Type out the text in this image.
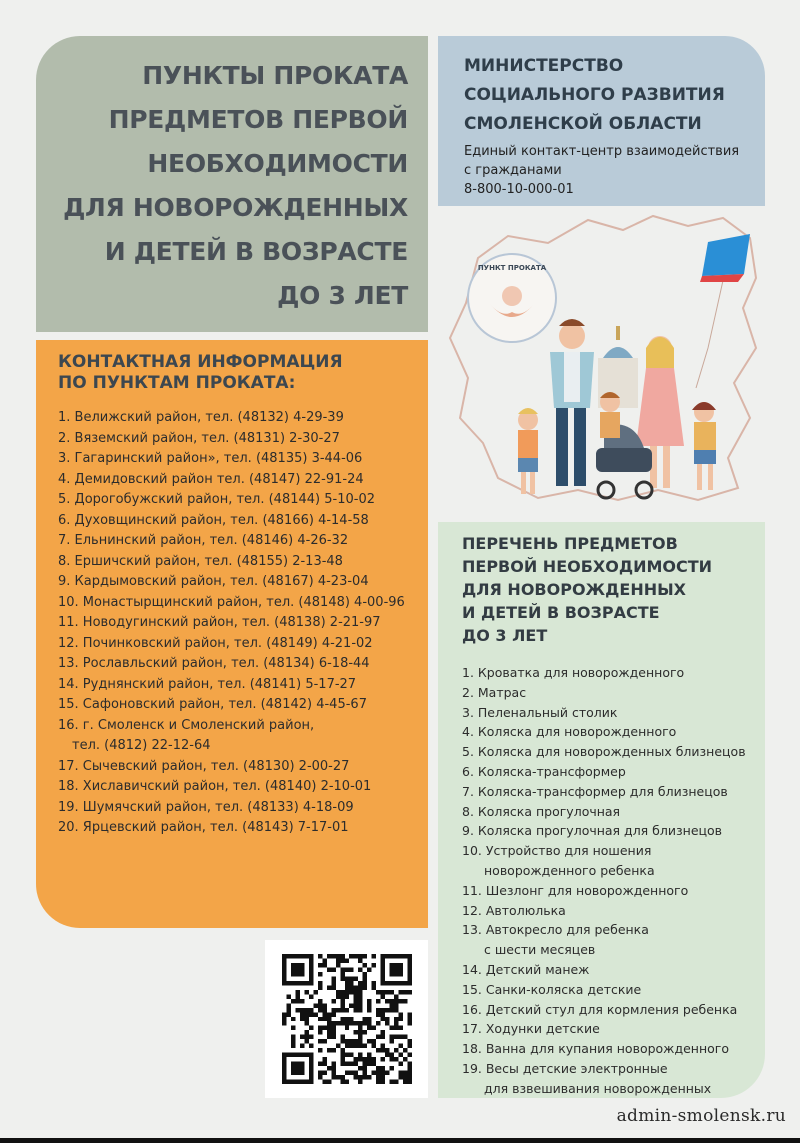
ПУНКТЫ ПРОКАТА
ПРЕДМЕТОВ ПЕРВОЙ
НЕОБХОДИМОСТИ
ДЛЯ НОВОРОЖДЕННЫХ
И ДЕТЕЙ В ВОЗРАСТЕ
ДО 3 ЛЕТ
МИНИСТЕРСТВО
СОЦИАЛЬНОГО РАЗВИТИЯ
СМОЛЕНСКОЙ ОБЛАСТИ
Единый контакт-центр взаимодействия
с гражданами
8-800-10-000-01
ПУНКТ ПРОКАТА
КОНТАКТНАЯ ИНФОРМАЦИЯ
ПО ПУНКТАМ ПРОКАТА:
1. Велижский район, тел. (48132) 4-29-39
2. Вяземский район, тел. (48131) 2-30-27
3. Гагаринский район», тел. (48135) 3-44-06
4. Демидовский район тел. (48147) 22-91-24
5. Дорогобужский район, тел. (48144) 5-10-02
6. Духовщинский район, тел. (48166) 4-14-58
7. Ельнинский район, тел. (48146) 4-26-32
8. Ершичский район, тел. (48155) 2-13-48
9. Кардымовский район, тел. (48167) 4-23-04
10. Монастырщинский район, тел. (48148) 4-00-96
11. Новодугинский район, тел. (48138) 2-21-97
12. Починковский район, тел. (48149) 4-21-02
13. Рославльский район, тел. (48134) 6-18-44
14. Руднянский район, тел. (48141) 5-17-27
15. Сафоновский район, тел. (48142) 4-45-67
16. г. Смоленск и Смоленский район,
тел. (4812) 22-12-64
17. Сычевский район, тел. (48130) 2-00-27
18. Хиславичский район, тел. (48140) 2-10-01
19. Шумячский район, тел. (48133) 4-18-09
20. Ярцевский район, тел. (48143) 7-17-01
ПЕРЕЧЕНЬ ПРЕДМЕТОВ
ПЕРВОЙ НЕОБХОДИМОСТИ
ДЛЯ НОВОРОЖДЕННЫХ
И ДЕТЕЙ В ВОЗРАСТЕ
ДО 3 ЛЕТ
1. Кроватка для новорожденного
2. Матрас
3. Пеленальный столик
4. Коляска для новорожденного
5. Коляска для новорожденных близнецов
6. Коляска-трансформер
7. Коляска-трансформер для близнецов
8. Коляска прогулочная
9. Коляска прогулочная для близнецов
10. Устройство для ношения
новорожденного ребенка
11. Шезлонг для новорожденного
12. Автолюлька
13. Автокресло для ребенка
с шести месяцев
14. Детский манеж
15. Санки-коляска детские
16. Детский стул для кормления ребенка
17. Ходунки детские
18. Ванна для купания новорожденного
19. Весы детские электронные
для взвешивания новорожденных
admin-smolensk.ru
